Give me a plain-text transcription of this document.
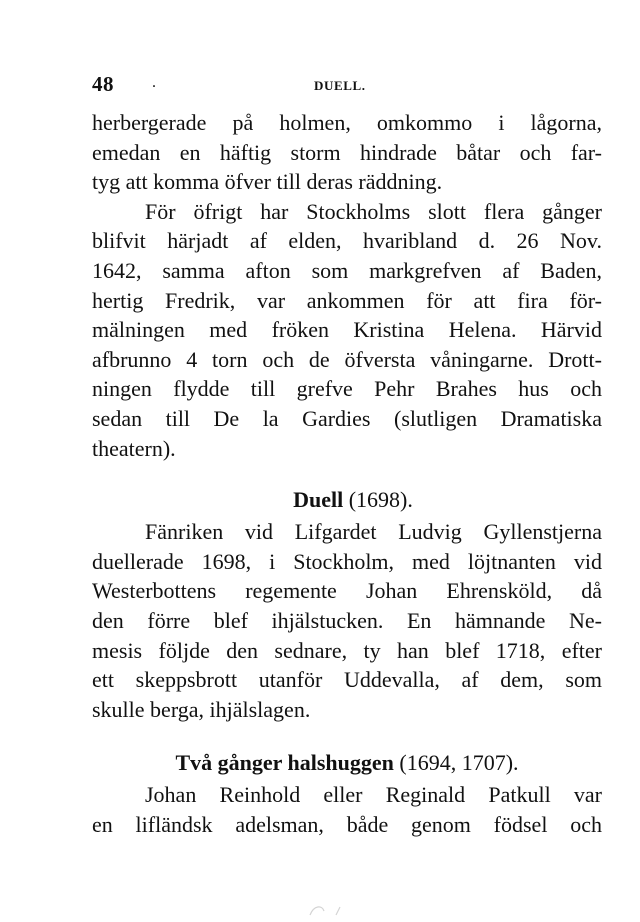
48 .	DUELL.
herbergerade på holmen, omkommo i lågorna,
emedan en häftig storm hindrade båtar och far-
tyg att komma öfver till deras räddning.
För öfrigt har Stockholms slott flera gånger
blifvit härjadt af elden, hvaribland d. 26 Nov.
1642, samma afton som markgrefven af Baden,
hertig Fredrik, var ankommen för att fira för-
mälningen med fröken Kristina Helena. Härvid
afbrunno 4 torn och de öfversta våningarne. Drott-
ningen flydde till grefve Pehr Brahes hus och
sedan till De la Gardies (slutligen Dramatiska
theatern).
Duell (1698).
Fänriken vid Lifgardet Ludvig Gyllenstjerna
duellerade 1698, i Stockholm, med löjtnanten vid
Westerbottens regemente Johan Ehrensköld, då
den förre blef ihjälstucken. En hämnande Ne-
mesis följde den sednare, ty han blef 1718, efter
ett skeppsbrott utanför Uddevalla, af dem, som
skulle berga, ihjälslagen.
Två gånger halshuggen (1694, 1707).
Johan Reinhold eller Reginald Patkull var
en lifländsk adelsman, både genom födsel och
